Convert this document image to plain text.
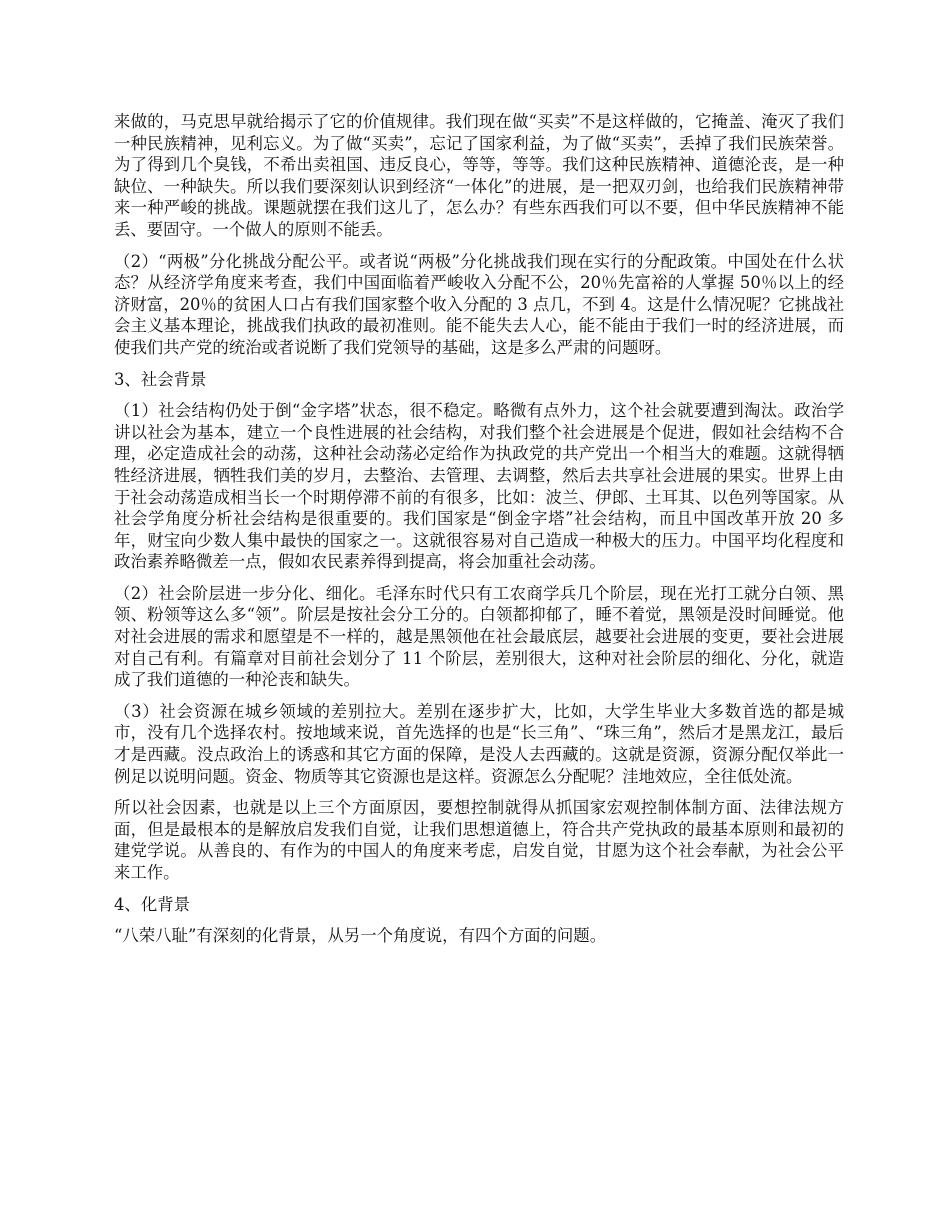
来做的，马克思早就给揭示了它的价值规律。我们现在做“买卖”不是这样做的，它掩盖、淹灭了我们一种民族精神，见利忘义。为了做“买卖”，忘记了国家利益，为了做“买卖”，丢掉了我们民族荣誉。为了得到几个臭钱，不希出卖祖国、违反良心，等等，等等。我们这种民族精神、道德沦丧，是一种缺位、一种缺失。所以我们要深刻认识到经济“一体化”的进展，是一把双刃剑，也给我们民族精神带来一种严峻的挑战。课题就摆在我们这儿了，怎么办？有些东西我们可以不要，但中华民族精神不能丢、要固守。一个做人的原则不能丢。

（2）“两极”分化挑战分配公平。或者说“两极”分化挑战我们现在实行的分配政策。中国处在什么状态？从经济学角度来考查，我们中国面临着严峻收入分配不公，20％先富裕的人掌握 50％以上的经济财富，20％的贫困人口占有我们国家整个收入分配的 3 点几，不到 4。这是什么情况呢？它挑战社会主义基本理论，挑战我们执政的最初准则。能不能失去人心，能不能由于我们一时的经济进展，而使我们共产党的统治或者说断了我们党领导的基础，这是多么严肃的问题呀。

3、社会背景

（1）社会结构仍处于倒“金字塔”状态，很不稳定。略微有点外力，这个社会就要遭到淘汰。政治学讲以社会为基本，建立一个良性进展的社会结构，对我们整个社会进展是个促进，假如社会结构不合理，必定造成社会的动荡，这种社会动荡必定给作为执政党的共产党出一个相当大的难题。这就得牺牲经济进展，牺牲我们美的岁月，去整治、去管理、去调整，然后去共享社会进展的果实。世界上由于社会动荡造成相当长一个时期停滞不前的有很多，比如：波兰、伊郎、土耳其、以色列等国家。从社会学角度分析社会结构是很重要的。我们国家是“倒金字塔”社会结构，而且中国改革开放 20 多年，财宝向少数人集中最快的国家之一。这就很容易对自己造成一种极大的压力。中国平均化程度和政治素养略微差一点，假如农民素养得到提高，将会加重社会动荡。

（2）社会阶层进一步分化、细化。毛泽东时代只有工农商学兵几个阶层，现在光打工就分白领、黑领、粉领等这么多“领”。阶层是按社会分工分的。白领都抑郁了，睡不着觉，黑领是没时间睡觉。他对社会进展的需求和愿望是不一样的，越是黑领他在社会最底层，越要社会进展的变更，要社会进展对自己有利。有篇章对目前社会划分了 11 个阶层，差别很大，这种对社会阶层的细化、分化，就造成了我们道德的一种沦丧和缺失。

（3）社会资源在城乡领域的差别拉大。差别在逐步扩大，比如，大学生毕业大多数首选的都是城市，没有几个选择农村。按地域来说，首先选择的也是“长三角”、“珠三角”，然后才是黑龙江，最后才是西藏。没点政治上的诱惑和其它方面的保障，是没人去西藏的。这就是资源，资源分配仅举此一例足以说明问题。资金、物质等其它资源也是这样。资源怎么分配呢？洼地效应，全往低处流。

所以社会因素，也就是以上三个方面原因，要想控制就得从抓国家宏观控制体制方面、法律法规方面，但是最根本的是解放启发我们自觉，让我们思想道德上，符合共产党执政的最基本原则和最初的建党学说。从善良的、有作为的中国人的角度来考虑，启发自觉，甘愿为这个社会奉献，为社会公平来工作。

4、化背景

“八荣八耻”有深刻的化背景，从另一个角度说，有四个方面的问题。
